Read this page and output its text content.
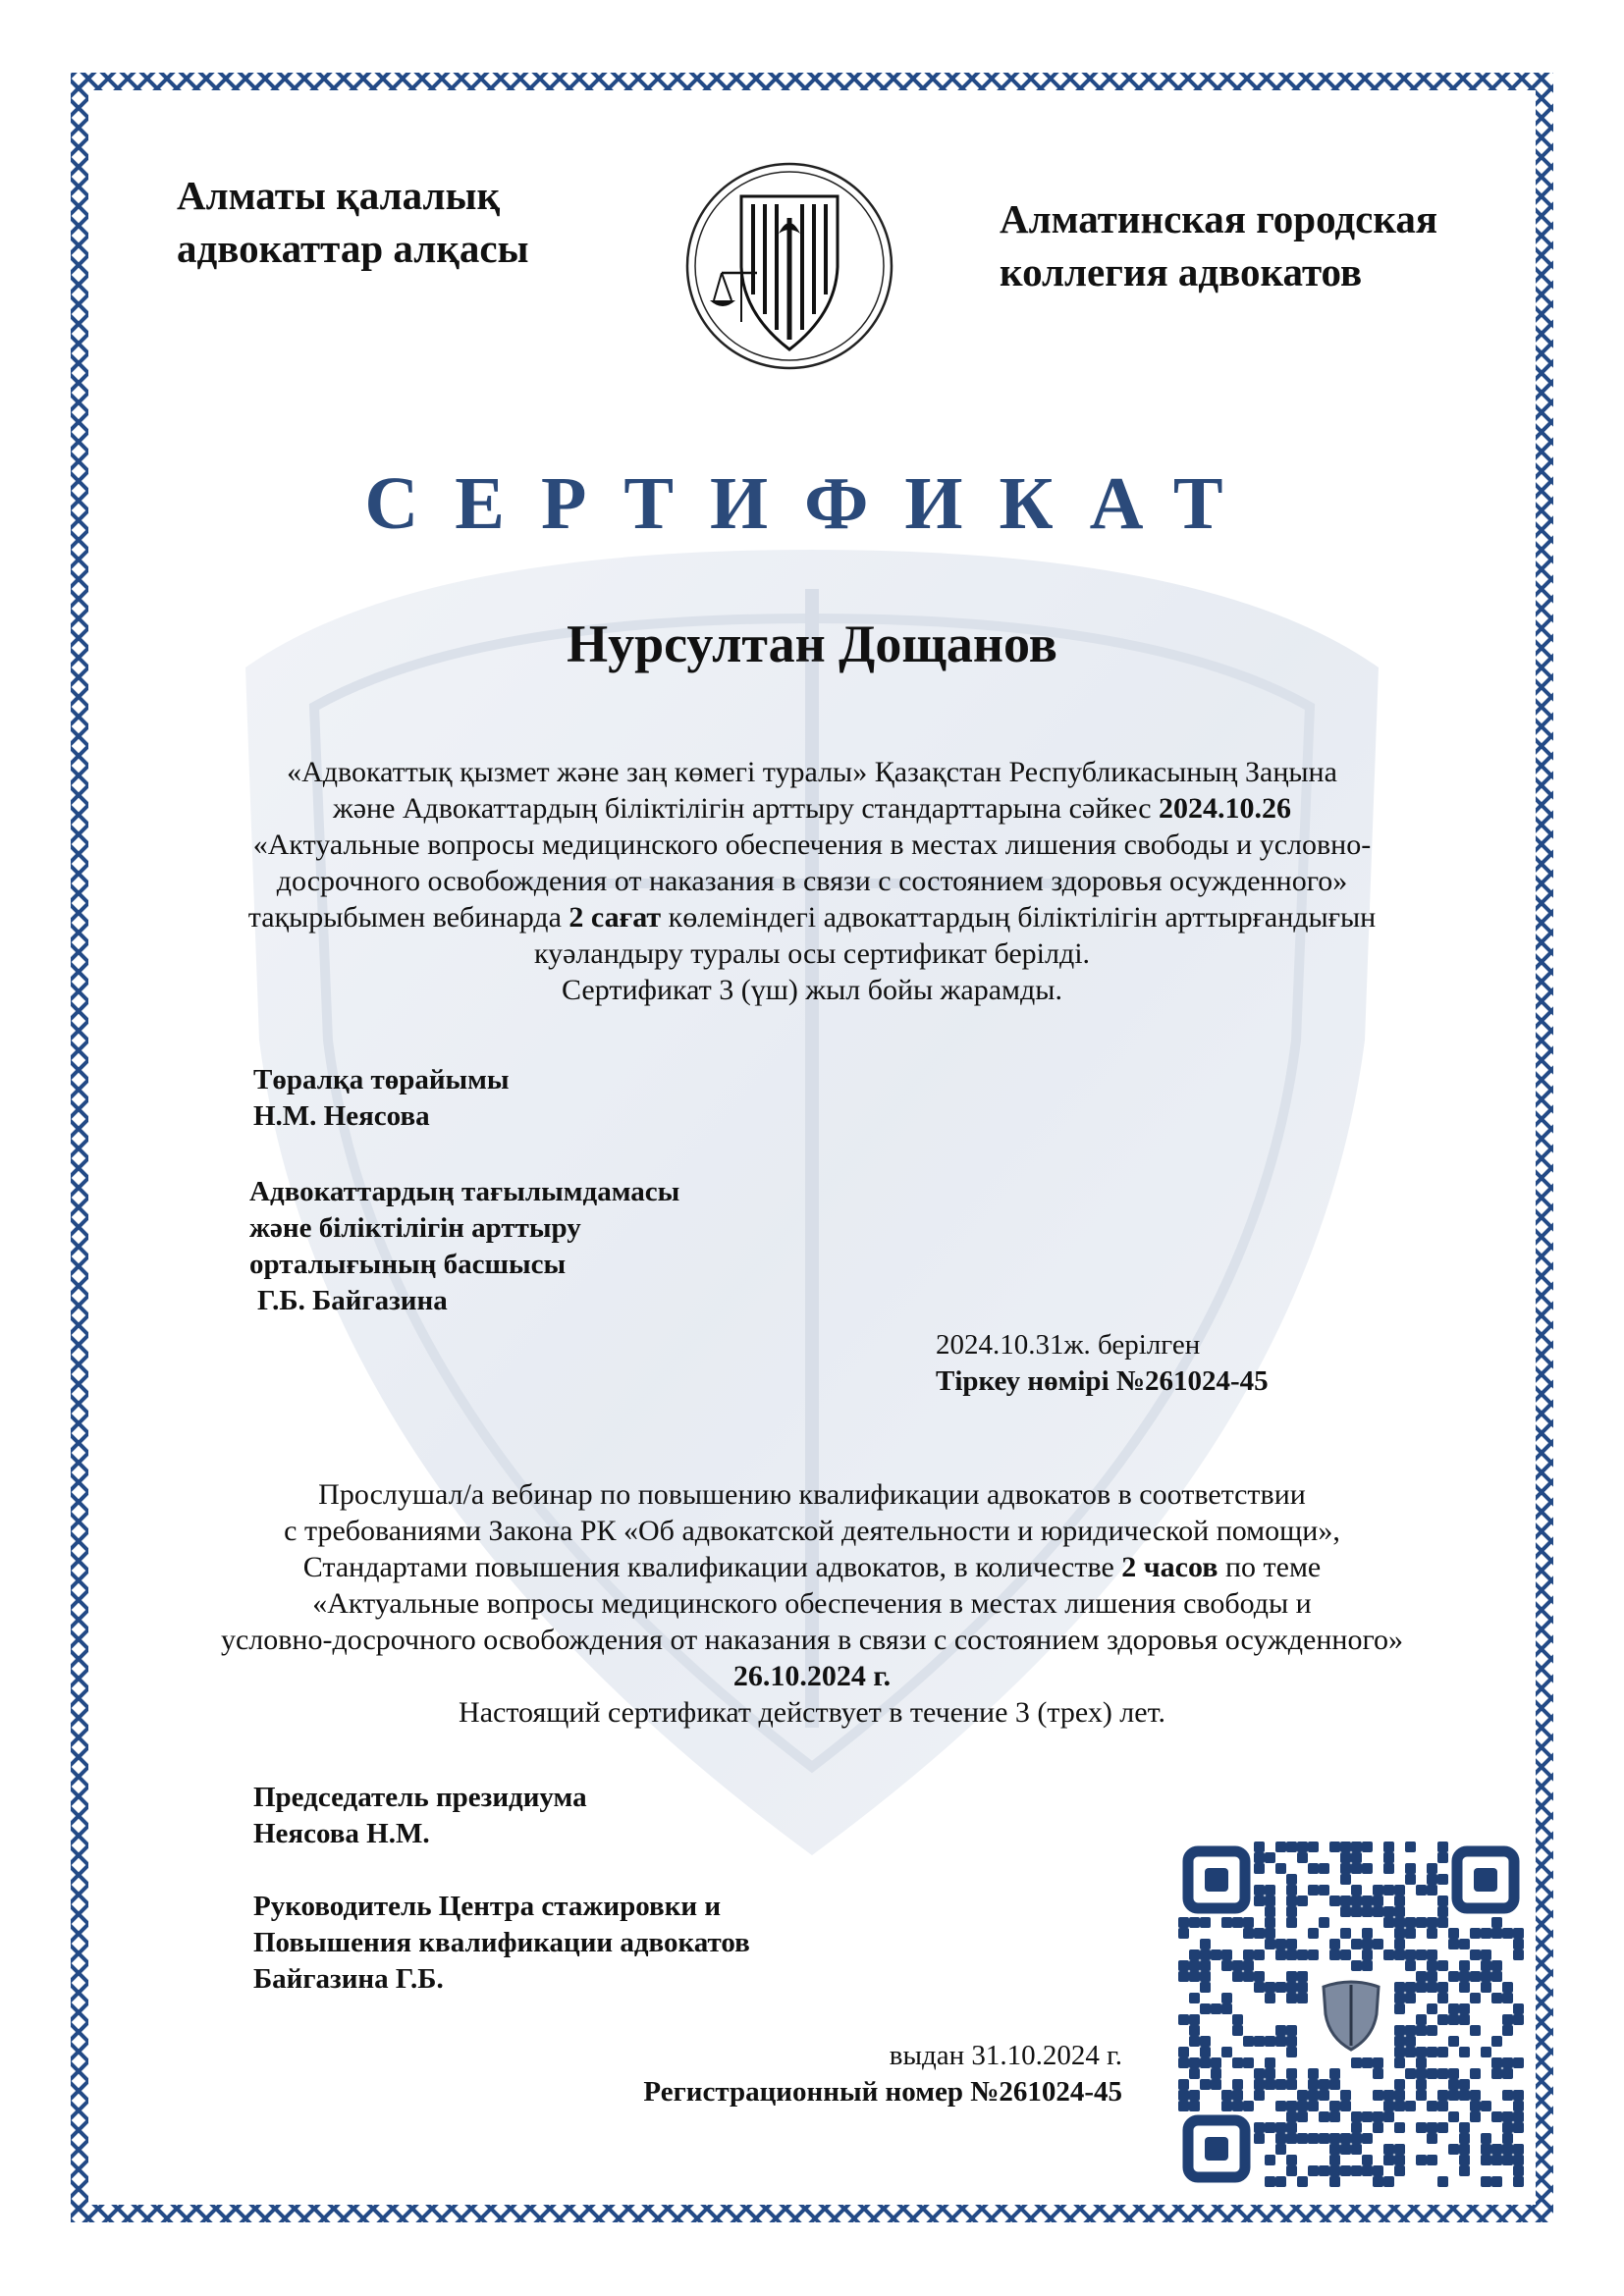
Алматы қалалық
адвокаттар алқасы
Алматинская городская
коллегия адвокатов
СЕРТИФИКАТ
Нурсултан Дощанов
«Адвокаттық қызмет және заң көмегі туралы» Қазақстан Республикасының Заңына
және Адвокаттардың біліктілігін арттыру стандарттарына сәйкес 2024.10.26
«Актуальные вопросы медицинского обеспечения в местах лишения свободы и условно-
досрочного освобождения от наказания в связи с состоянием здоровья осужденного»
тақырыбымен вебинарда 2 сағат көлеміндегі адвокаттардың біліктілігін арттырғандығын
куәландыру туралы осы сертификат берілді.
Сертификат 3 (үш) жыл бойы жарамды.
Төралқа төрайымы
Н.М. Неясова
Адвокаттардың тағылымдамасы
және біліктілігін арттыру
орталығының басшысы
Г.Б. Байгазина
2024.10.31ж. берілген
Тіркеу нөмірі №261024-45
Прослушал/а вебинар по повышению квалификации адвокатов в соответствии
с требованиями Закона РК «Об адвокатской деятельности и юридической помощи»,
Стандартами повышения квалификации адвокатов, в количестве 2 часов по теме
«Актуальные вопросы медицинского обеспечения в местах лишения свободы и
условно-досрочного освобождения от наказания в связи с состоянием здоровья осужденного»
26.10.2024 г.
Настоящий сертификат действует в течение 3 (трех) лет.
Председатель президиума
Неясова Н.М.
Руководитель Центра стажировки и
Повышения квалификации адвокатов
Байгазина Г.Б.
выдан 31.10.2024 г.
Регистрационный номер №261024-45
